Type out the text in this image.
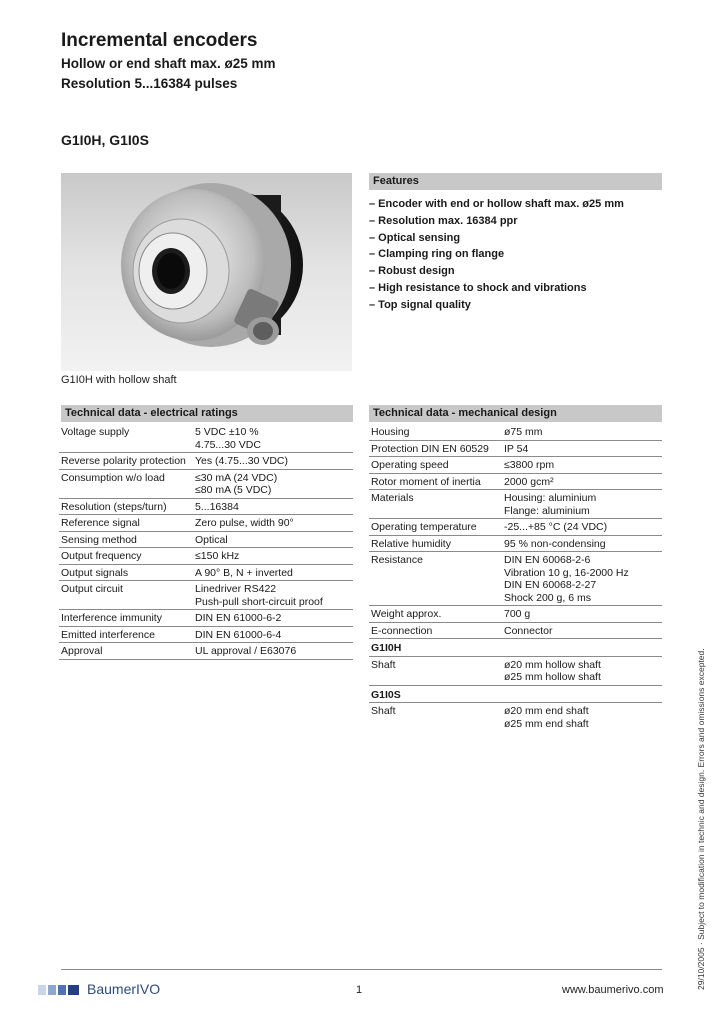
Incremental encoders
Hollow or end shaft max. ø25 mm
Resolution 5...16384 pulses
G1I0H, G1I0S
G1I0H with hollow shaft
Features
– Encoder with end or hollow shaft max. ø25 mm
– Resolution max. 16384 ppr
– Optical sensing
– Clamping ring on flange
– Robust design
– High resistance to shock and vibrations
– Top signal quality
Technical data - electrical ratings
Voltage supply	5 VDC ±10 %
4.75...30 VDC

Reverse polarity protection	Yes (4.75...30 VDC)

Consumption w/o load	≤30 mA (24 VDC)
≤80 mA (5 VDC)

Resolution (steps/turn)	5...16384

Reference signal	Zero pulse, width 90°

Sensing method	Optical

Output frequency	≤150 kHz

Output signals	A 90° B, N + inverted

Output circuit	Linedriver RS422
Push-pull short-circuit proof

Interference immunity	DIN EN 61000-6-2

Emitted interference	DIN EN 61000-6-4

Approval	UL approval / E63076
Technical data - mechanical design
Housing	ø75 mm

Protection DIN EN 60529	IP 54

Operating speed	≤3800 rpm

Rotor moment of inertia	2000 gcm²

Materials	Housing: aluminium
Flange: aluminium

Operating temperature	-25...+85 °C (24 VDC)

Relative humidity	95 % non-condensing

Resistance	DIN EN 60068-2-6
Vibration 10 g, 16-2000 Hz
DIN EN 60068-2-27
Shock 200 g, 6 ms

Weight approx.	700 g

E-connection	Connector

G1I0H	
Shaft	ø20 mm hollow shaft
ø25 mm hollow shaft

G1I0S	
Shaft	ø20 mm end shaft
ø25 mm end shaft
BaumerIVO	1	www.baumerivo.com	29/10/2005 · Subject to modification in technic and design. Errors and omissions excepted.
